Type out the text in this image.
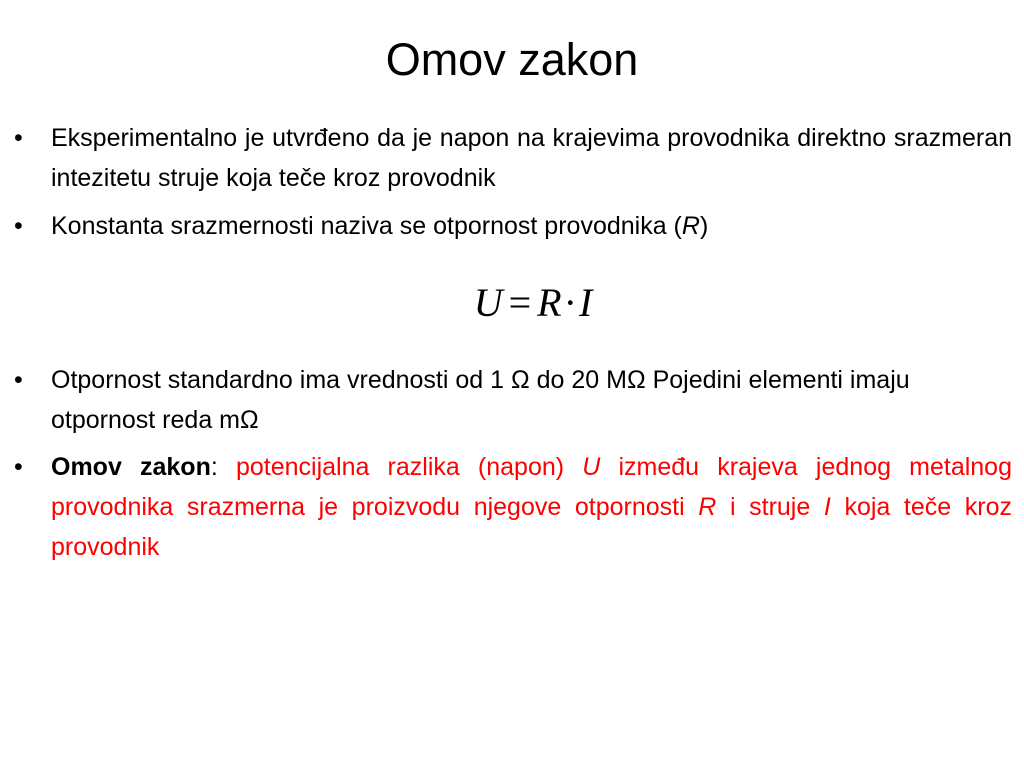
Omov zakon
•	Eksperimentalno je utvrđeno da je napon na krajevima provodnika direktno srazmeran intezitetu struje koja teče kroz provodnik
•	Konstanta srazmernosti naziva se otpornost provodnika (R)
U = R·I
•	Otpornost standardno ima vrednosti od 1 Ω do 20 MΩ Pojedini elementi imaju otpornost reda mΩ
•	Omov zakon: potencijalna razlika (napon) U između krajeva jednog metalnog provodnika srazmerna je proizvodu njegove otpornosti R i struje I koja teče kroz provodnik
